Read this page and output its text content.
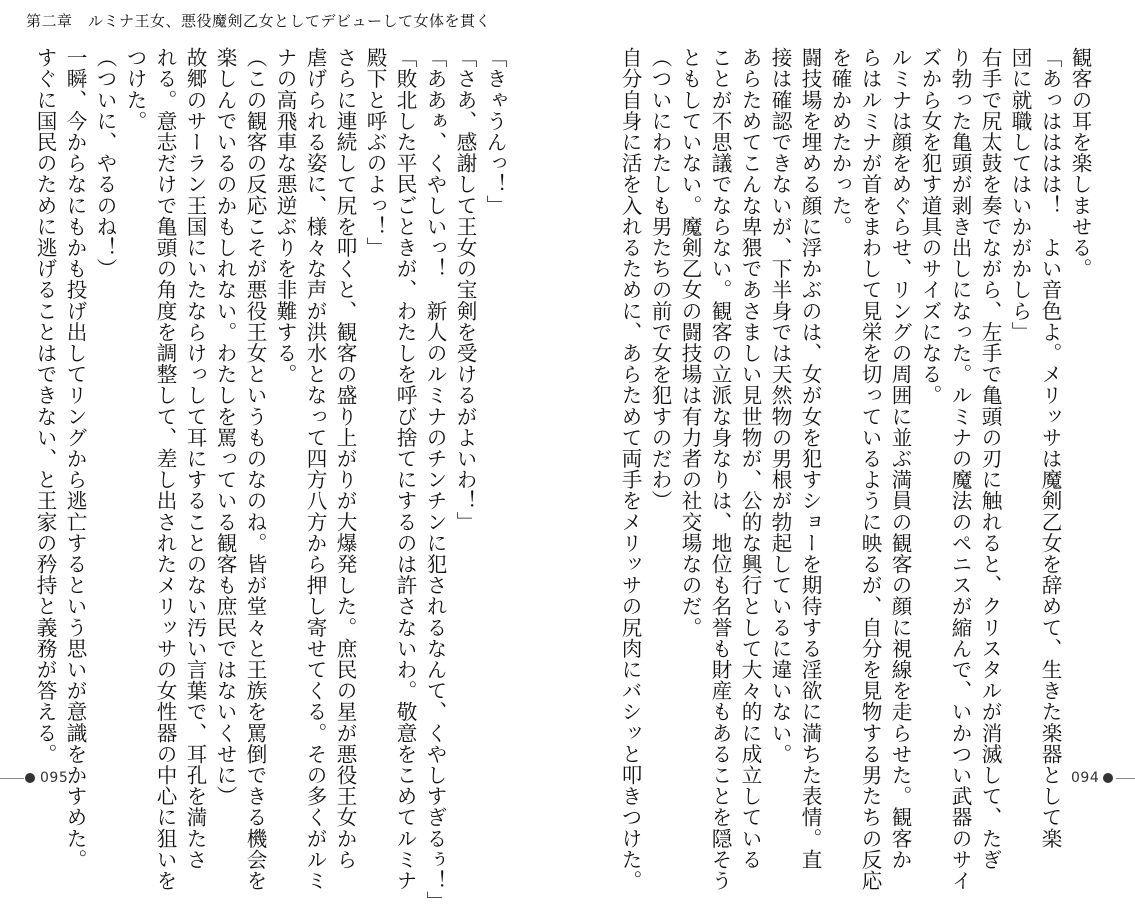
第二章　ルミナ王女、悪役魔剣乙女としてデビューして女体を貫く

観客の耳を楽しませる。

「あっはははは！　よい音色よ。メリッサは魔剣乙女を辞めて、生きた楽器として楽

団に就職してはいかがかしら」

右手で尻太鼓を奏でながら、左手で亀頭の刃に触れると、クリスタルが消滅して、たぎ

り勃った亀頭が剥き出しになった。ルミナの魔法のペニスが縮んで、いかつい武器のサイ

ズから女を犯す道具のサイズになる。

ルミナは顔をめぐらせ、リングの周囲に並ぶ満員の観客の顔に視線を走らせた。観客か

らはルミナが首をまわして見栄を切っているように映るが、自分を見物する男たちの反応

を確かめたかった。

闘技場を埋める顔に浮かぶのは、女が女を犯すショーを期待する淫欲に満ちた表情。直

接は確認できないが、下半身では天然物の男根が勃起しているに違いない。

あらためてこんな卑猥であさましい見世物が、公的な興行として大々的に成立している

ことが不思議でならない。観客の立派な身なりは、地位も名誉も財産もあることを隠そう

ともしていない。魔剣乙女の闘技場は有力者の社交場なのだ。

（ついにわたしも男たちの前で女を犯すのだわ）

自分自身に活を入れるために、あらためて両手をメリッサの尻肉にバシッと叩きつけた。

「きゃうんっ！」

「さあ、感謝して王女の宝剣を受けるがよいわ！」

「ああぁ、くやしいっ！　新人のルミナのチンチンに犯されるなんて、くやしすぎるぅ！」

「敗北した平民ごときが、わたしを呼び捨てにするのは許さないわ。敬意をこめてルミナ

殿下と呼ぶのよっ！」

さらに連続して尻を叩くと、観客の盛り上がりが大爆発した。庶民の星が悪役王女から

虐げられる姿に、様々な声が洪水となって四方八方から押し寄せてくる。その多くがルミ

ナの高飛車な悪逆ぶりを非難する。

（この観客の反応こそが悪役王女というものなのね。皆が堂々と王族を罵倒できる機会を

楽しんでいるのかもしれない。わたしを罵っている観客も庶民ではないくせに）

故郷のサーラン王国にいたならけっして耳にすることのない汚い言葉で、耳孔を満たさ

れる。意志だけで亀頭の角度を調整して、差し出されたメリッサの女性器の中心に狙いを

つけた。

（ついに、やるのね！）

一瞬、今からなにもかも投げ出してリングから逃亡するという思いが意識をかすめた。

すぐに国民のために逃げることはできない、と王家の矜持と義務が答える。

095	094
